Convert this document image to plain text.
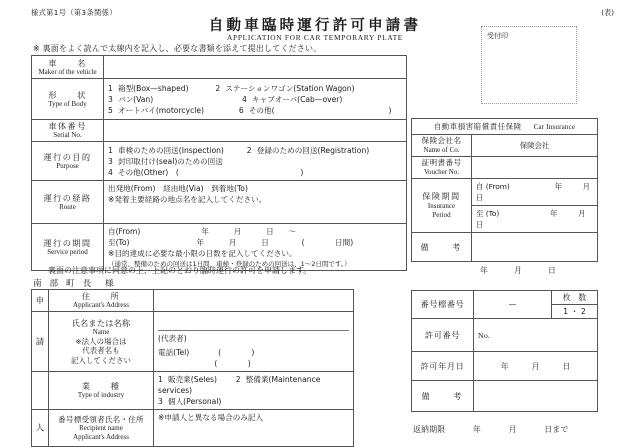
様式第1号（第3条関係）	(表)
自動車臨時運行許可申請書
APPLICATION FOR CAR TEMPORARY PLATE
※ 裏面をよく読んで太線内を記入し、必要な書類を添えて提出してください。
受付印
車　　名
Maker of the vehicle	

形　　状
Type of Body

1 箱型(Box—shaped)	2 ステーションワゴン(Station Wagon)
3 バン(Van)	4 キャブオーバ(Cab—over)
5 オートバイ(motorcycle)	6 その他(　　　　　　　　　　　　　　　)

車体番号
Serial No.	

運行の目的
Purpose

1 車検のための回送(Inspection)	2 登録のための回送(Registration)
3 封印取付け(seal)のための回送
4 その他(Other)　(　　　　　　　　　　　　　　　　)

運行の経路
Route

出発地(From)　経由地(Via)　到着地(To)
※発着主要経路の地点名を記入してください。

運行の期間
Service period

自(From)	年	月	日 ～
至(To)	年	月	日	(　　　　日間)
※目的達成に必要な最小限の日数を記入してください。
（通常、整備のための回送は1日間、車検・登録のための回送は、1～2日間です。）
自動車損害賠償責任保険 Car Insurance	

保険会社名
Name of Co.	保険会社

証明書番号
Voucher No.	

保険期間
Insurance
Period

自 (From)	年	月
日

	至 (To) 年 月
日

備　　考	

年	月	日
裏面の注意事項に同意の上、上記のとおり臨時運行の許可を申請します。
南 部 町 長　様
申	住　　所
Applicant's Address	

請

氏名または名称
Name
※法人の場合は
代表者名も
記入してください

(代表者)
電話(Tel)	(　　　　)
(　　　　)

業　　種
Type of industry

1 販売業(Seles) 2 整備業(Maintenance services)
3 個人(Personal)

人	番号標受領者氏名・住所
Recipient name
Applicant's Address	※申請人と異なる場合のみ記入
番号標番号	—	枚　数
		1 ・ 2

許可番号	No.	

許可年月日	年 月 日	

備　　考		

返納期限	年	月	日まで
